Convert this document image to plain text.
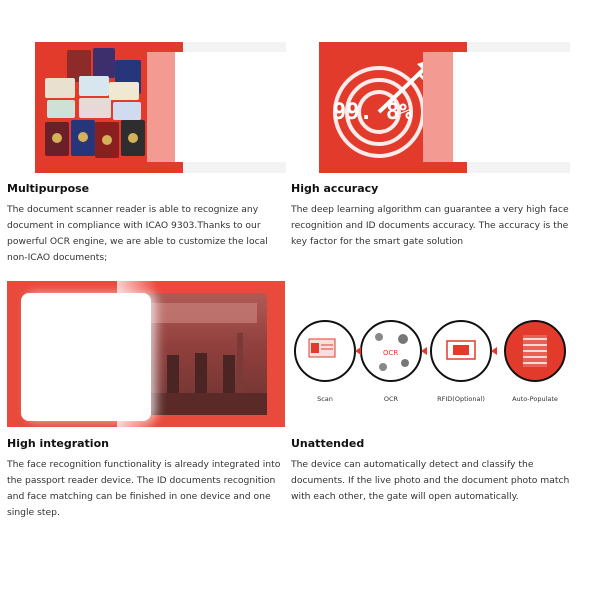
Multipurpose

The document scanner reader is able to recognize any document in compliance with ICAO 9303.Thanks to our powerful OCR engine, we are able to customize the local non-ICAO documents;

99. 8%
High accuracy

The deep learning algorithm can guarantee a very high face recognition and ID documents accuracy. The accuracy is the key factor for the smart gate solution

High integration

The face recognition functionality is already integrated into the passport reader device. The ID documents recognition and face matching can be finished in one device and one single step.

OCR
Scan	OCR	RFID(Optional)	Auto-Populate
Unattended

The device can automatically detect and classify the documents. If the live photo and the document photo match with each other, the gate will open automatically.
